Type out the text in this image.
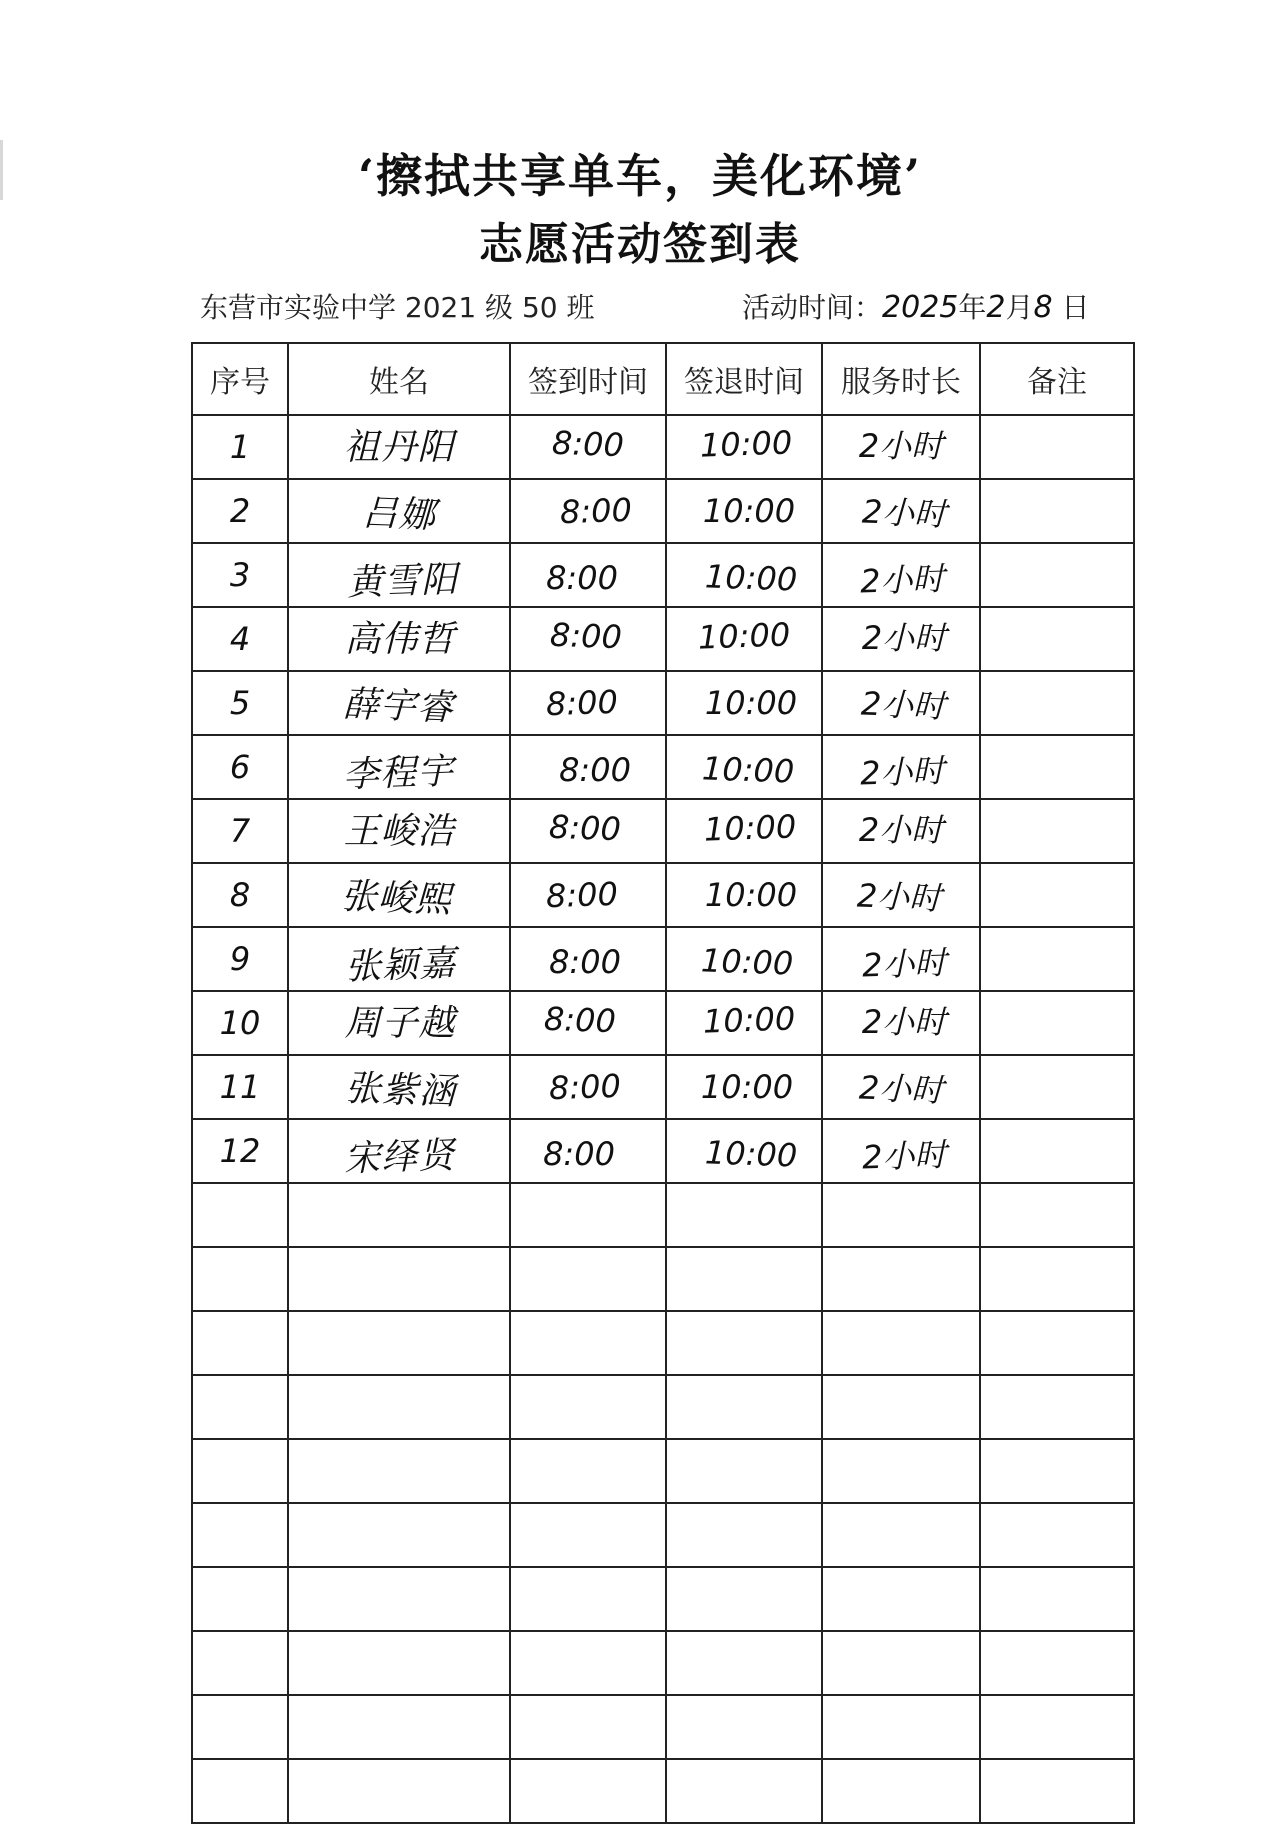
‘擦拭共享单车，美化环境’
志愿活动签到表
东营市实验中学 2021 级 50 班	活动时间：2025年2月8 日
序号	姓名	签到时间	签退时间	服务时长	备注
1	祖丹阳	8:00	10:00	2小时	
2	吕娜	8:00	10:00	2小时	
3	黄雪阳	8:00	10:00	2小时	
4	高伟哲	8:00	10:00	2小时	
5	薛宇睿	8:00	10:00	2小时	
6	李程宇	8:00	10:00	2小时	
7	王峻浩	8:00	10:00	2小时	
8	张峻熙	8:00	10:00	2小时	
9	张颖嘉	8:00	10:00	2小时	
10	周子越	8:00	10:00	2小时	
11	张紫涵	8:00	10:00	2小时	
12	宋绎贤	8:00	10:00	2小时	
